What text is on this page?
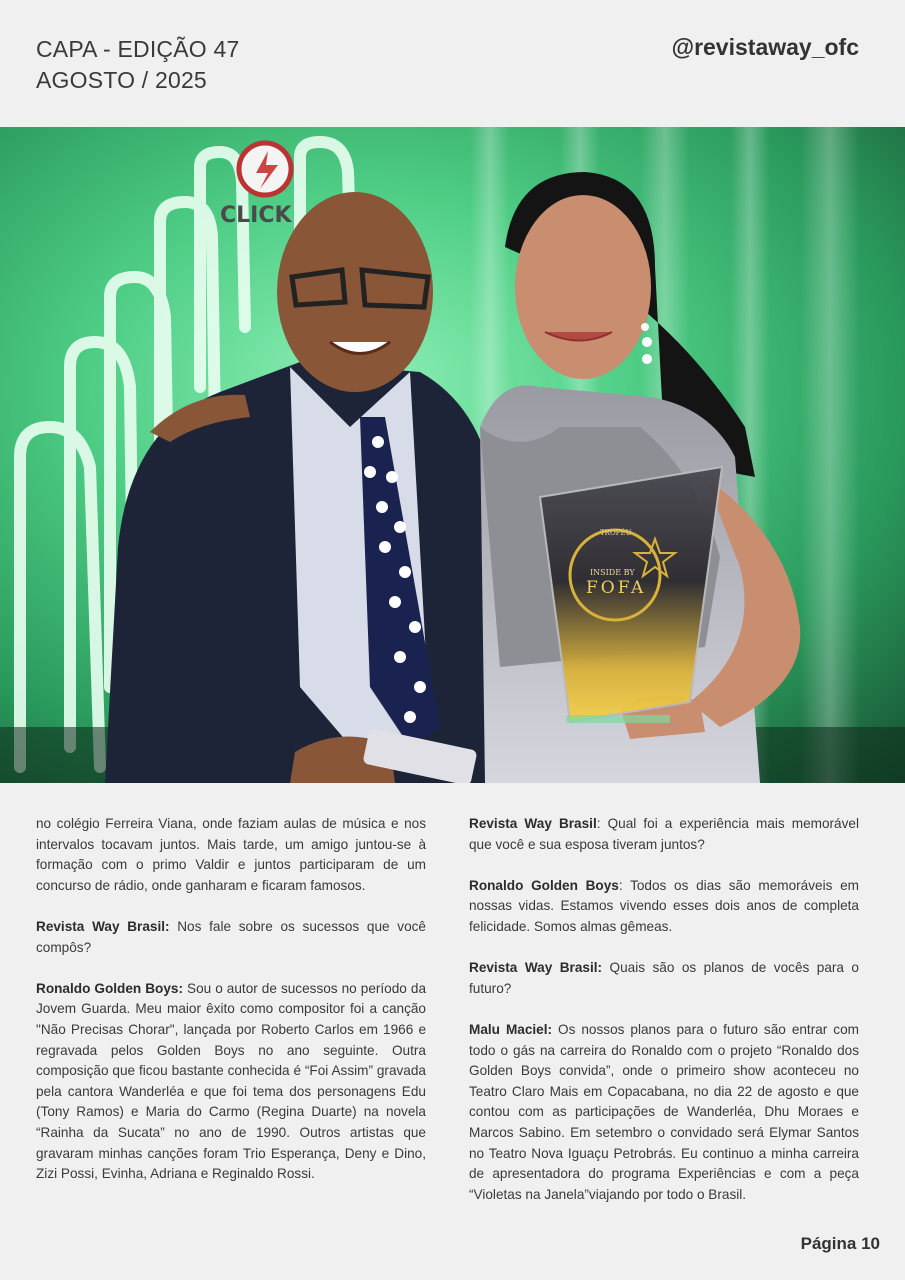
CAPA - EDIÇÃO 47
AGOSTO / 2025
@revistaway_ofc
CLICK
TROFÉU
INSIDE BY
FOFA

no colégio Ferreira Viana, onde faziam aulas de música e nos intervalos tocavam juntos. Mais tarde, um amigo juntou-se à formação com o primo Valdir e juntos participaram de um concurso de rádio, onde ganharam e ficaram famosos.

Revista Way Brasil: Nos fale sobre os sucessos que você compôs?

Ronaldo Golden Boys: Sou o autor de sucessos no período da Jovem Guarda. Meu maior êxito como compositor foi a canção "Não Precisas Chorar", lançada por Roberto Carlos em 1966 e regravada pelos Golden Boys no ano seguinte. Outra composição que ficou bastante conhecida é “Foi Assim” gravada pela cantora Wanderléa e que foi tema dos personagens Edu (Tony Ramos) e Maria do Carmo (Regina Duarte) na novela “Rainha da Sucata” no ano de 1990. Outros artistas que gravaram minhas canções foram Trio Esperança, Deny e Dino, Zizi Possi, Evinha, Adriana e Reginaldo Rossi.

Revista Way Brasil: Qual foi a experiência mais memorável que você e sua esposa tiveram juntos?

Ronaldo Golden Boys: Todos os dias são memoráveis em nossas vidas. Estamos vivendo esses dois anos de completa felicidade. Somos almas gêmeas.

Revista Way Brasil: Quais são os planos de vocês para o futuro?

Malu Maciel: Os nossos planos para o futuro são entrar com todo o gás na carreira do Ronaldo com o projeto “Ronaldo dos Golden Boys convida”, onde o primeiro show aconteceu no Teatro Claro Mais em Copacabana, no dia 22 de agosto e que contou com as participações de Wanderléa, Dhu Moraes e Marcos Sabino. Em setembro o convidado será Elymar Santos no Teatro Nova Iguaçu Petrobrás. Eu continuo a minha carreira de apresentadora do programa Experiências e com a peça “Violetas na Janela”viajando por todo o Brasil.

Página 10
